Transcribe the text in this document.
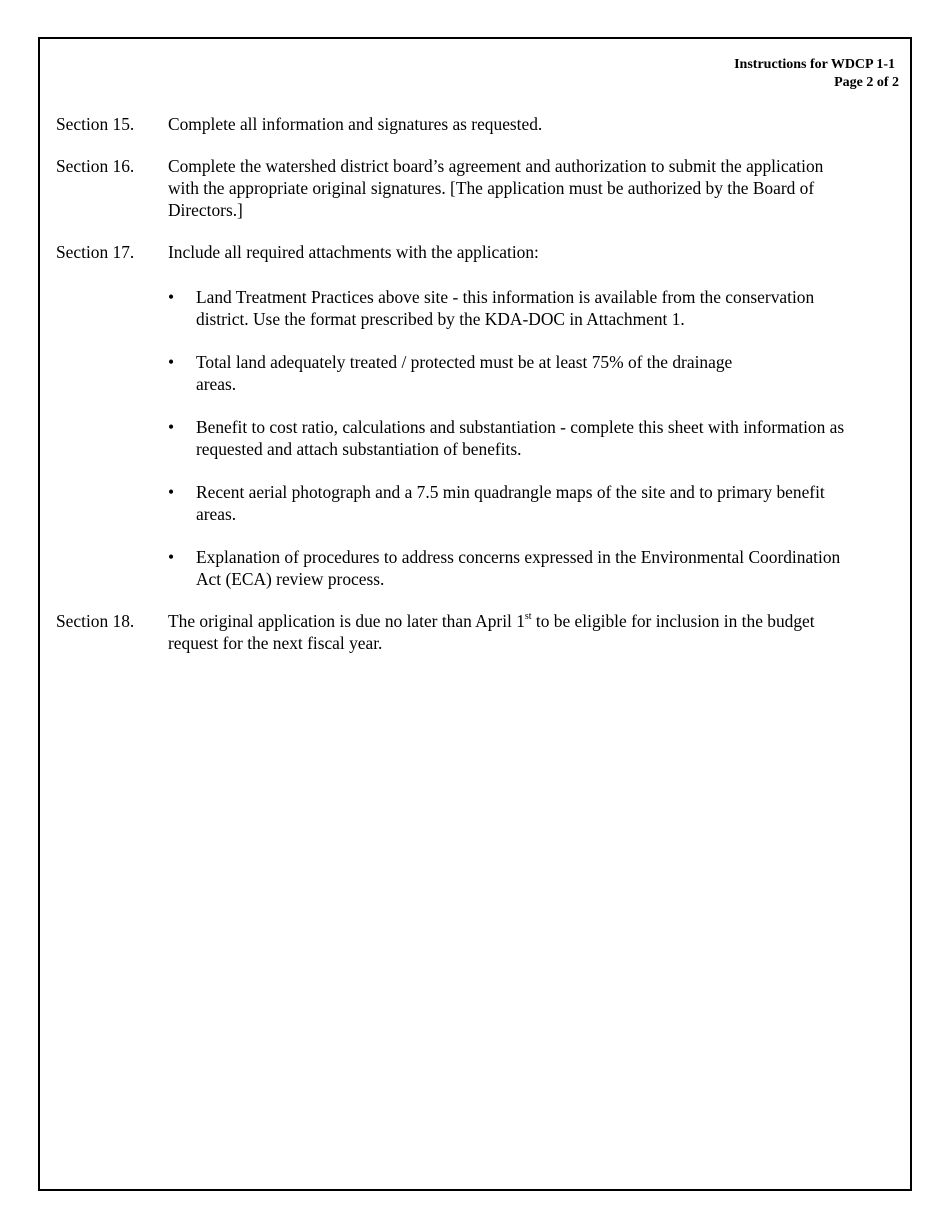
Instructions for WDCP 1-1
Page 2 of 2
Section 15. Complete all information and signatures as requested.
Section 16. Complete the watershed district board’s agreement and authorization to submit the application
with the appropriate original signatures. [The application must be authorized by the Board of
Directors.]
Section 17. Include all required attachments with the application:
• Land Treatment Practices above site - this information is available from the conservation
district. Use the format prescribed by the KDA-DOC in Attachment 1.
• Total land adequately treated / protected must be at least 75% of the drainage
areas.
• Benefit to cost ratio, calculations and substantiation - complete this sheet with information as
requested and attach substantiation of benefits.
• Recent aerial photograph and a 7.5 min quadrangle maps of the site and to primary benefit
areas.
• Explanation of procedures to address concerns expressed in the Environmental Coordination
Act (ECA) review process.
Section 18. The original application is due no later than April 1st to be eligible for inclusion in the budget
request for the next fiscal year.
